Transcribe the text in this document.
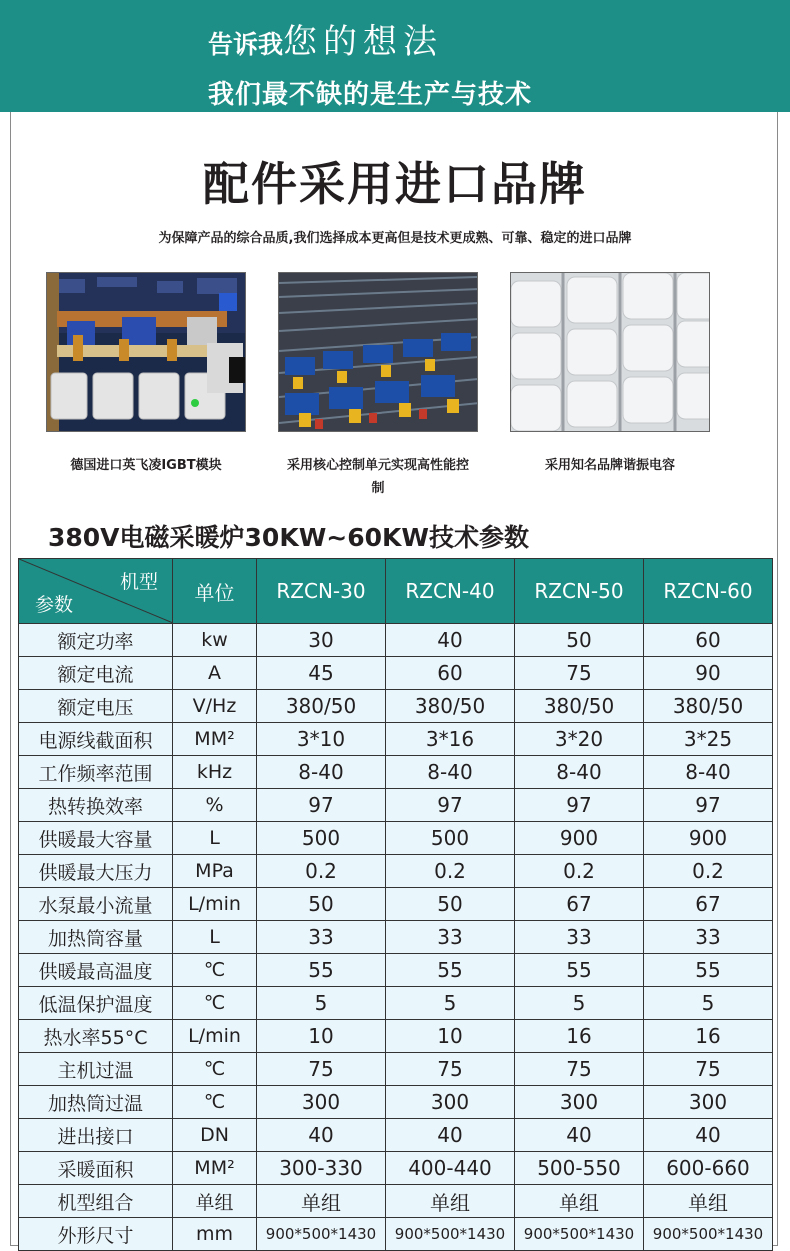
告诉我您的想法
我们最不缺的是生产与技术
配件采用进口品牌
为保障产品的综合品质,我们选择成本更高但是技术更成熟、可靠、稳定的进口品牌
德国进口英飞凌IGBT模块	采用核心控制单元实现高性能控制
采用知名品牌谐振电容
380V电磁采暖炉30KW~60KW技术参数
机型
参数	单位	RZCN-30	RZCN-40	RZCN-50	RZCN-60
额定功率	kw	30	40	50	60
额定电流	A	45	60	75	90
额定电压	V/Hz	380/50	380/50	380/50	380/50
电源线截面积	MM²	3*10	3*16	3*20	3*25
工作频率范围	kHz	8-40	8-40	8-40	8-40
热转换效率	%	97	97	97	97
供暖最大容量	L	500	500	900	900
供暖最大压力	MPa	0.2	0.2	0.2	0.2
水泵最小流量	L/min	50	50	67	67
加热筒容量	L	33	33	33	33
供暖最高温度	℃	55	55	55	55
低温保护温度	℃	5	5	5	5
热水率55°C	L/min	10	10	16	16
主机过温	℃	75	75	75	75
加热筒过温	℃	300	300	300	300
进出接口	DN	40	40	40	40
采暖面积	MM²	300-330	400-440	500-550	600-660
机型组合	单组	单组	单组	单组	单组
外形尺寸	mm	900*500*1430	900*500*1430	900*500*1430	900*500*1430
